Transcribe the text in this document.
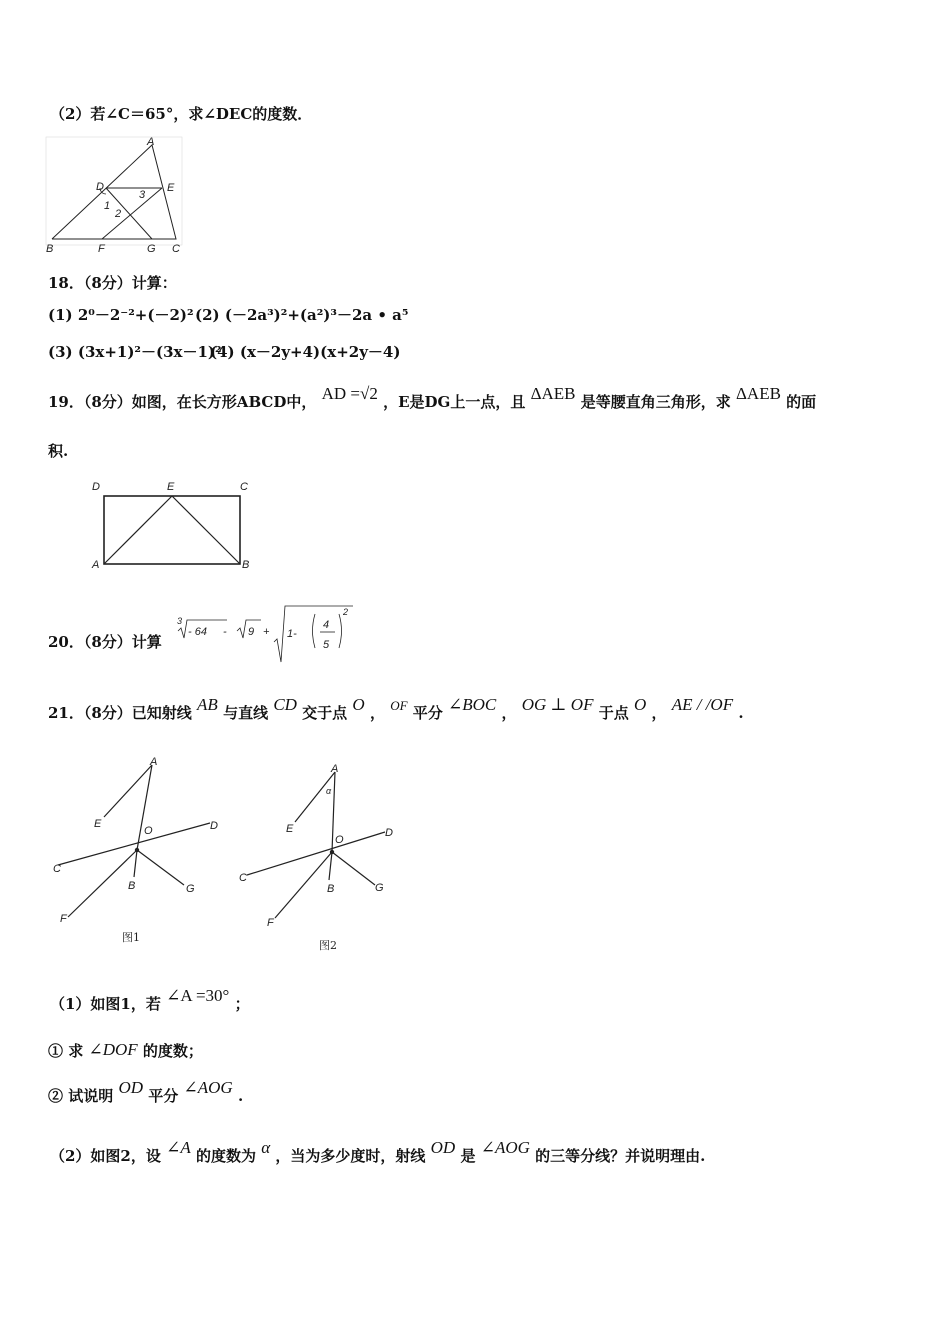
（2）若∠C＝65°，求∠DEC的度数．
A
B	C
D	E
F	G
1
2
3
18．（8分）计算：
(1) 2⁰－2⁻²+(－2)² (2) (－2a³)²+(a²)³－2a • a⁵
(3) (3x+1)²－(3x－1)²
(4) (x－2y+4)(x+2y－4)
19．（8分）如图，在长方形ABCD中， AD =√2 ，E是DG上一点，且 ΔAEB 是等腰直角三角形，求 ΔAEB 的面
积.
D	E	C
A	B
20．（8分）计算
3
- 64 - 9 + 1-
4
5
2
21．（8分）已知射线 AB 与直线 CD 交于点 O ， OF 平分 ∠BOC ， OG ⊥ OF 于点 O ， AE / /OF .
A
E
O	D
C
B	G
F
图1
A
α
E
O
D
C
B	G
F
图2
（1）如图1，若 ∠A =30° ；
① 求 ∠DOF 的度数；
② 试说明 OD 平分 ∠AOG .
（2）如图2，设 ∠A 的度数为 α ，当为多少度时，射线 OD 是 ∠AOG 的三等分线？并说明理由.
